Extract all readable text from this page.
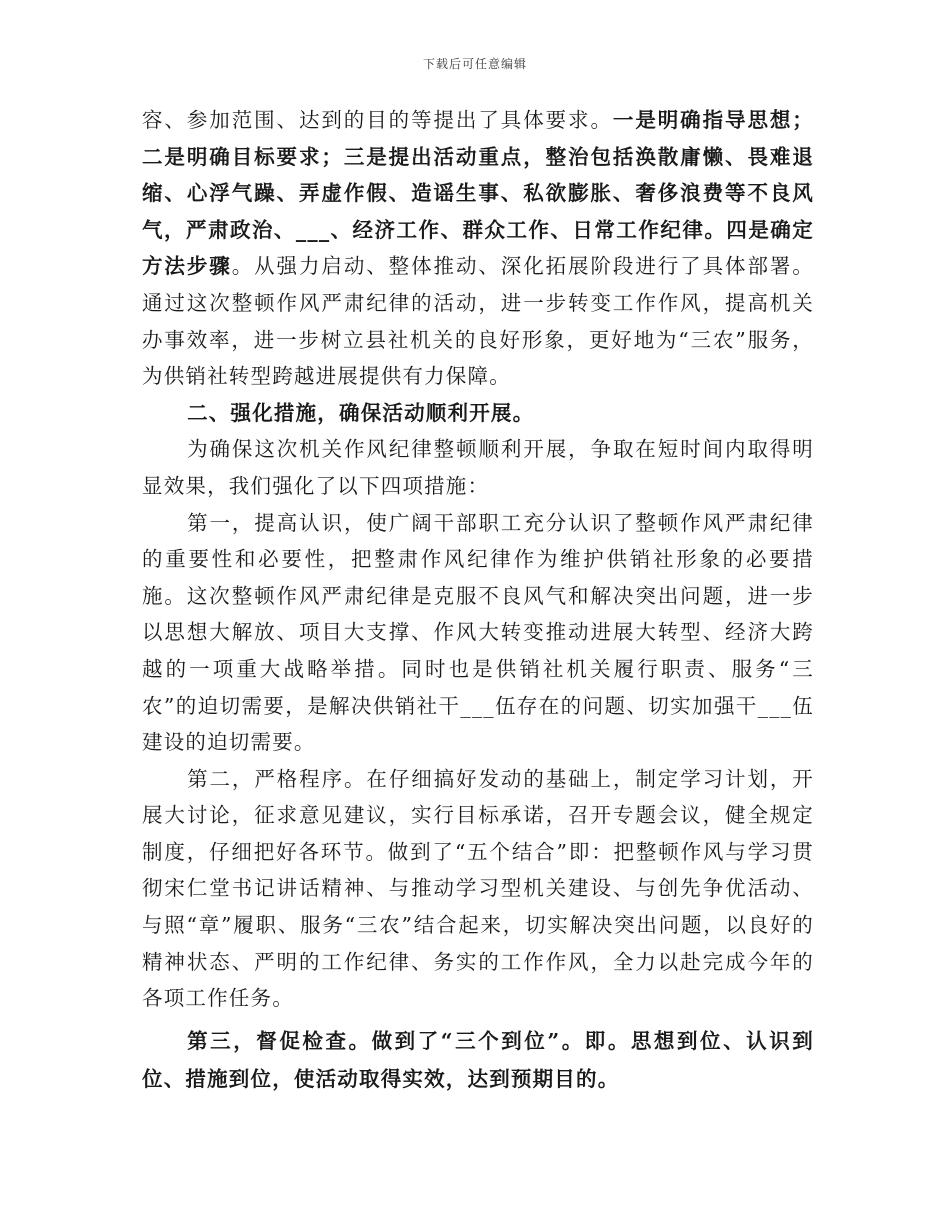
下载后可任意编辑

容、参加范围、达到的目的等提出了具体要求。一是明确指导思想；二是明确目标要求；三是提出活动重点，整治包括涣散庸懒、畏难退缩、心浮气躁、弄虚作假、造谣生事、私欲膨胀、奢侈浪费等不良风气，严肃政治、___、经济工作、群众工作、日常工作纪律。四是确定方法步骤。从强力启动、整体推动、深化拓展阶段进行了具体部署。通过这次整顿作风严肃纪律的活动，进一步转变工作作风，提高机关办事效率，进一步树立县社机关的良好形象，更好地为“三农”服务，为供销社转型跨越进展提供有力保障。

二、强化措施，确保活动顺利开展。

为确保这次机关作风纪律整顿顺利开展，争取在短时间内取得明显效果，我们强化了以下四项措施：

第一，提高认识，使广阔干部职工充分认识了整顿作风严肃纪律的重要性和必要性，把整肃作风纪律作为维护供销社形象的必要措施。这次整顿作风严肃纪律是克服不良风气和解决突出问题，进一步以思想大解放、项目大支撑、作风大转变推动进展大转型、经济大跨越的一项重大战略举措。同时也是供销社机关履行职责、服务“三农”的迫切需要，是解决供销社干___伍存在的问题、切实加强干___伍建设的迫切需要。

第二，严格程序。在仔细搞好发动的基础上，制定学习计划，开展大讨论，征求意见建议，实行目标承诺，召开专题会议，健全规定制度，仔细把好各环节。做到了“五个结合”即：把整顿作风与学习贯彻宋仁堂书记讲话精神、与推动学习型机关建设、与创先争优活动、与照“章”履职、服务“三农”结合起来，切实解决突出问题，以良好的精神状态、严明的工作纪律、务实的工作作风，全力以赴完成今年的各项工作任务。

第三，督促检查。做到了“三个到位”。即。思想到位、认识到位、措施到位，使活动取得实效，达到预期目的。
